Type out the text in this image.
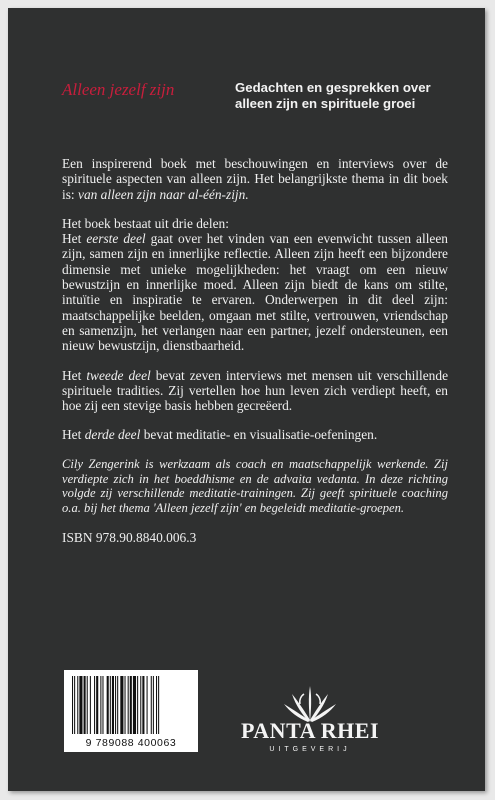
Alleen jezelf zijn	Gedachten en gesprekken over alleen zijn en spirituele groei

Een inspirerend boek met beschouwingen en interviews over de spirituele aspecten van alleen zijn. Het belangrijkste thema in dit boek is: van alleen zijn naar al-één-zijn.

Het boek bestaat uit drie delen:
Het eerste deel gaat over het vinden van een evenwicht tussen alleen zijn, samen zijn en innerlijke reflectie. Alleen zijn heeft een bijzondere dimensie met unieke mogelijkheden: het vraagt om een nieuw bewustzijn en innerlijke moed. Alleen zijn biedt de kans om stilte, intuïtie en inspiratie te ervaren. Onderwerpen in dit deel zijn: maatschappelijke beelden, omgaan met stilte, vertrouwen, vriendschap en samenzijn, het verlangen naar een partner, jezelf ondersteunen, een nieuw bewustzijn, dienstbaarheid.

Het tweede deel bevat zeven interviews met mensen uit verschillende spirituele tradities. Zij vertellen hoe hun leven zich verdiept heeft, en hoe zij een stevige basis hebben gecreëerd.

Het derde deel bevat meditatie- en visualisatie-oefeningen.

Cily Zengerink is werkzaam als coach en maatschappelijk werkende. Zij verdiepte zich in het boeddhisme en de advaita vedanta. In deze richting volgde zij verschillende meditatie-trainingen. Zij geeft spirituele coaching o.a. bij het thema 'Alleen jezelf zijn' en begeleidt meditatie-groepen.

ISBN 978.90.8840.006.3

9 789088 400063	PANTA RHEI
UITGEVERIJ
